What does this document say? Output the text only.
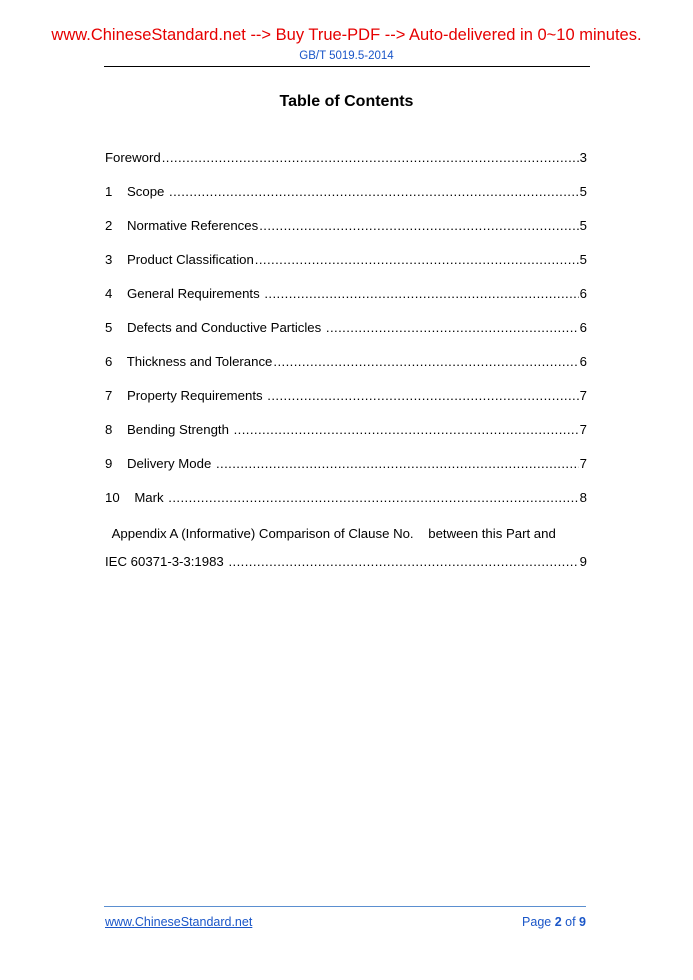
www.ChineseStandard.net --> Buy True-PDF --> Auto-delivered in 0~10 minutes.
GB/T 5019.5-2014
Table of Contents
Foreword .....	3
1    Scope .....	5
2    Normative References .....	5
3    Product Classification .....	5
4    General Requirements .....	6
5    Defects and Conductive Particles .....	6
6    Thickness and Tolerance .....	6
7    Property Requirements .....	7
8    Bending Strength .....	7
9    Delivery Mode .....	7
10    Mark .....	8
Appendix A (Informative) Comparison of Clause No.    between this Part and
IEC 60371-3-3:1983 .....	9
www.ChineseStandard.net	Page 2 of 9
